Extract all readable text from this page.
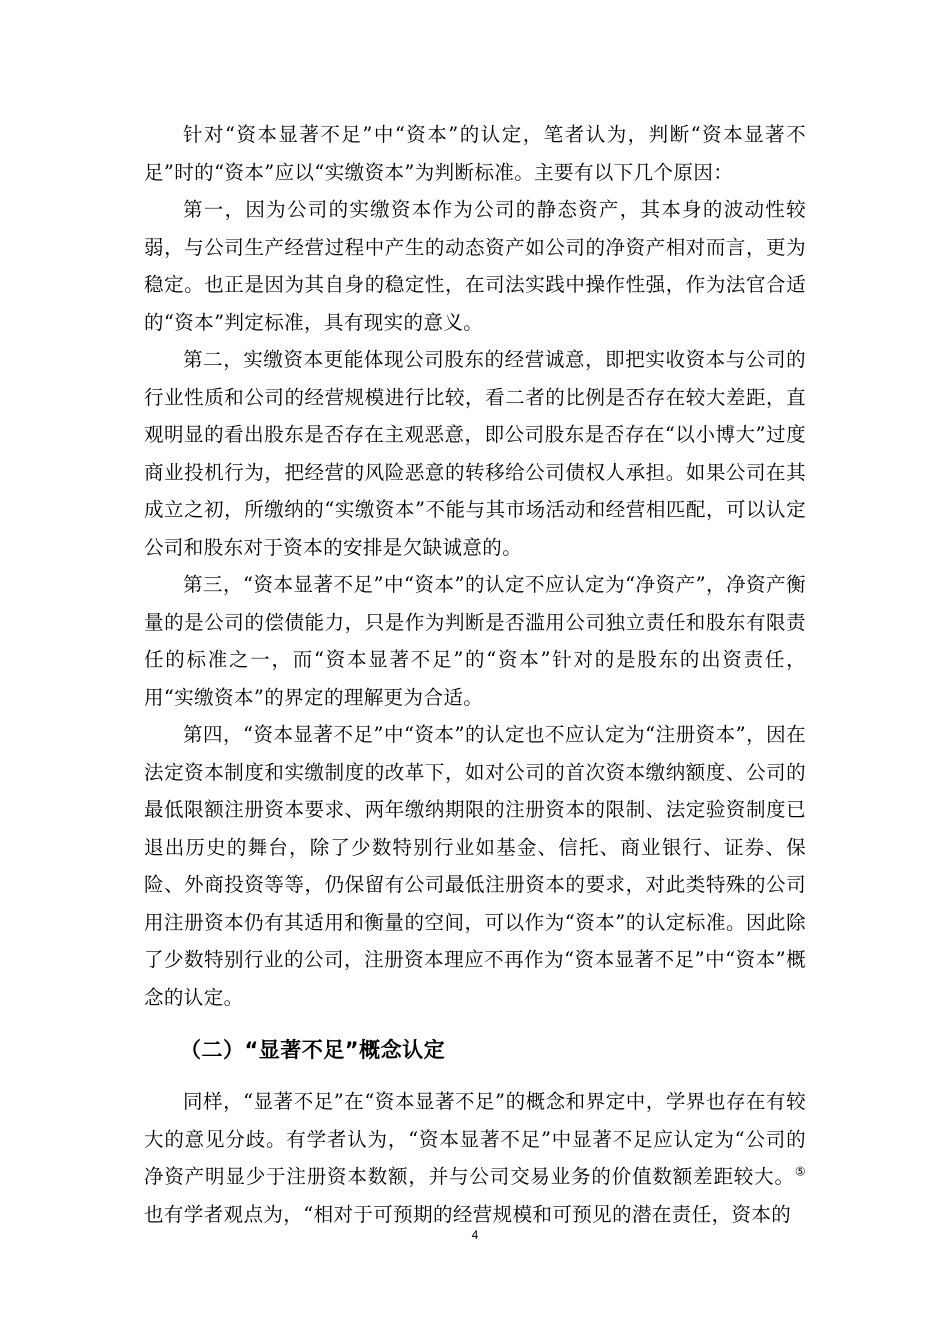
针对“资本显著不足”中“资本”的认定，笔者认为，判断“资本显著不足”时的“资本”应以“实缴资本”为判断标准。主要有以下几个原因：

第一，因为公司的实缴资本作为公司的静态资产，其本身的波动性较弱，与公司生产经营过程中产生的动态资产如公司的净资产相对而言，更为稳定。也正是因为其自身的稳定性，在司法实践中操作性强，作为法官合适的“资本”判定标准，具有现实的意义。

第二，实缴资本更能体现公司股东的经营诚意，即把实收资本与公司的行业性质和公司的经营规模进行比较，看二者的比例是否存在较大差距，直观明显的看出股东是否存在主观恶意，即公司股东是否存在“以小博大”过度商业投机行为，把经营的风险恶意的转移给公司债权人承担。如果公司在其成立之初，所缴纳的“实缴资本”不能与其市场活动和经营相匹配，可以认定公司和股东对于资本的安排是欠缺诚意的。

第三，“资本显著不足”中“资本”的认定不应认定为“净资产”，净资产衡量的是公司的偿债能力，只是作为判断是否滥用公司独立责任和股东有限责任的标准之一，而“资本显著不足”的“资本”针对的是股东的出资责任，用“实缴资本”的界定的理解更为合适。

第四，“资本显著不足”中“资本”的认定也不应认定为“注册资本”，因在法定资本制度和实缴制度的改革下，如对公司的首次资本缴纳额度、公司的最低限额注册资本要求、两年缴纳期限的注册资本的限制、法定验资制度已退出历史的舞台，除了少数特别行业如基金、信托、商业银行、证券、保险、外商投资等等，仍保留有公司最低注册资本的要求，对此类特殊的公司用注册资本仍有其适用和衡量的空间，可以作为“资本”的认定标准。因此除了少数特别行业的公司，注册资本理应不再作为“资本显著不足”中“资本”概念的认定。

（二）“显著不足”概念认定

同样，“显著不足”在“资本显著不足”的概念和界定中，学界也存在有较大的意见分歧。有学者认为，“资本显著不足”中显著不足应认定为“公司的净资产明显少于注册资本数额，并与公司交易业务的价值数额差距较大。⑤也有学者观点为，“相对于可预期的经营规模和可预见的潜在责任，资本的

4
